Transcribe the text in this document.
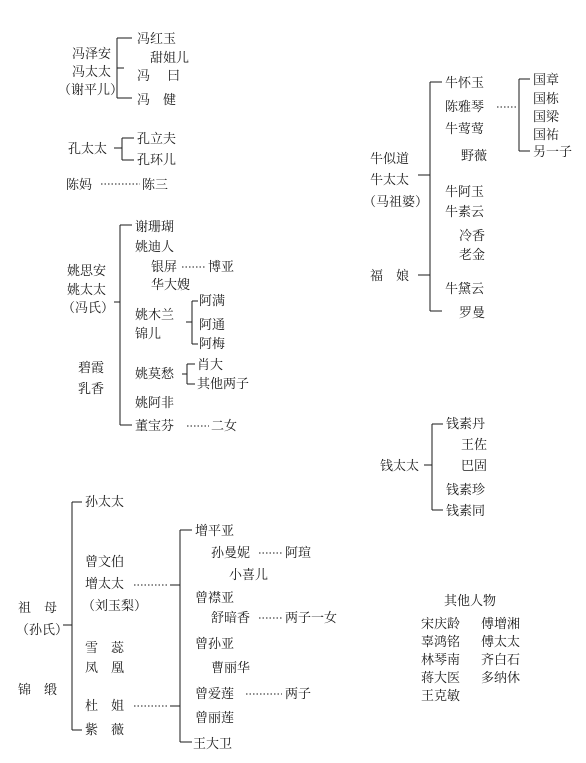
冯泽安
冯太太
（谢平儿）
冯红玉
甜姐儿
冯　 曰
冯　健
孔太太
孔立夫
孔环儿
陈妈	陈三
姚思安
姚太太
（冯氏）
碧霞
乳香
谢珊瑚
姚迪人
银屏 博亚
华大嫂
姚木兰
锦儿
阿满
阿通
阿梅
姚莫愁
肖大
其他两子
姚阿非
董宝芬	二女
牛似道
牛太太
（马祖婆）
福　娘
牛怀玉
陈雅琴
牛莺莺
野薇
牛阿玉
牛素云
冷香
老金
牛黛云
罗曼
国章
国栋
国梁
国祐
另一子
钱太太
钱素丹
王佐
巴固
钱素珍
钱素同
孙太太
祖　母
（孙氏）
锦　缎
曾文伯
增太太
（刘玉梨）
雪　蕊
凤　凰
杜　姐
紫　薇
增平亚
孙曼妮	阿瑄
小喜儿
曾襟亚
舒暗香	两子一女
曾孙亚
曹丽华
曾爱莲	两子
曾丽莲
王大卫
其他人物
宋庆龄 傅增湘
辜鸿铭 傅太太
林琴南 齐白石
蒋大医 多纳休
王克敏
